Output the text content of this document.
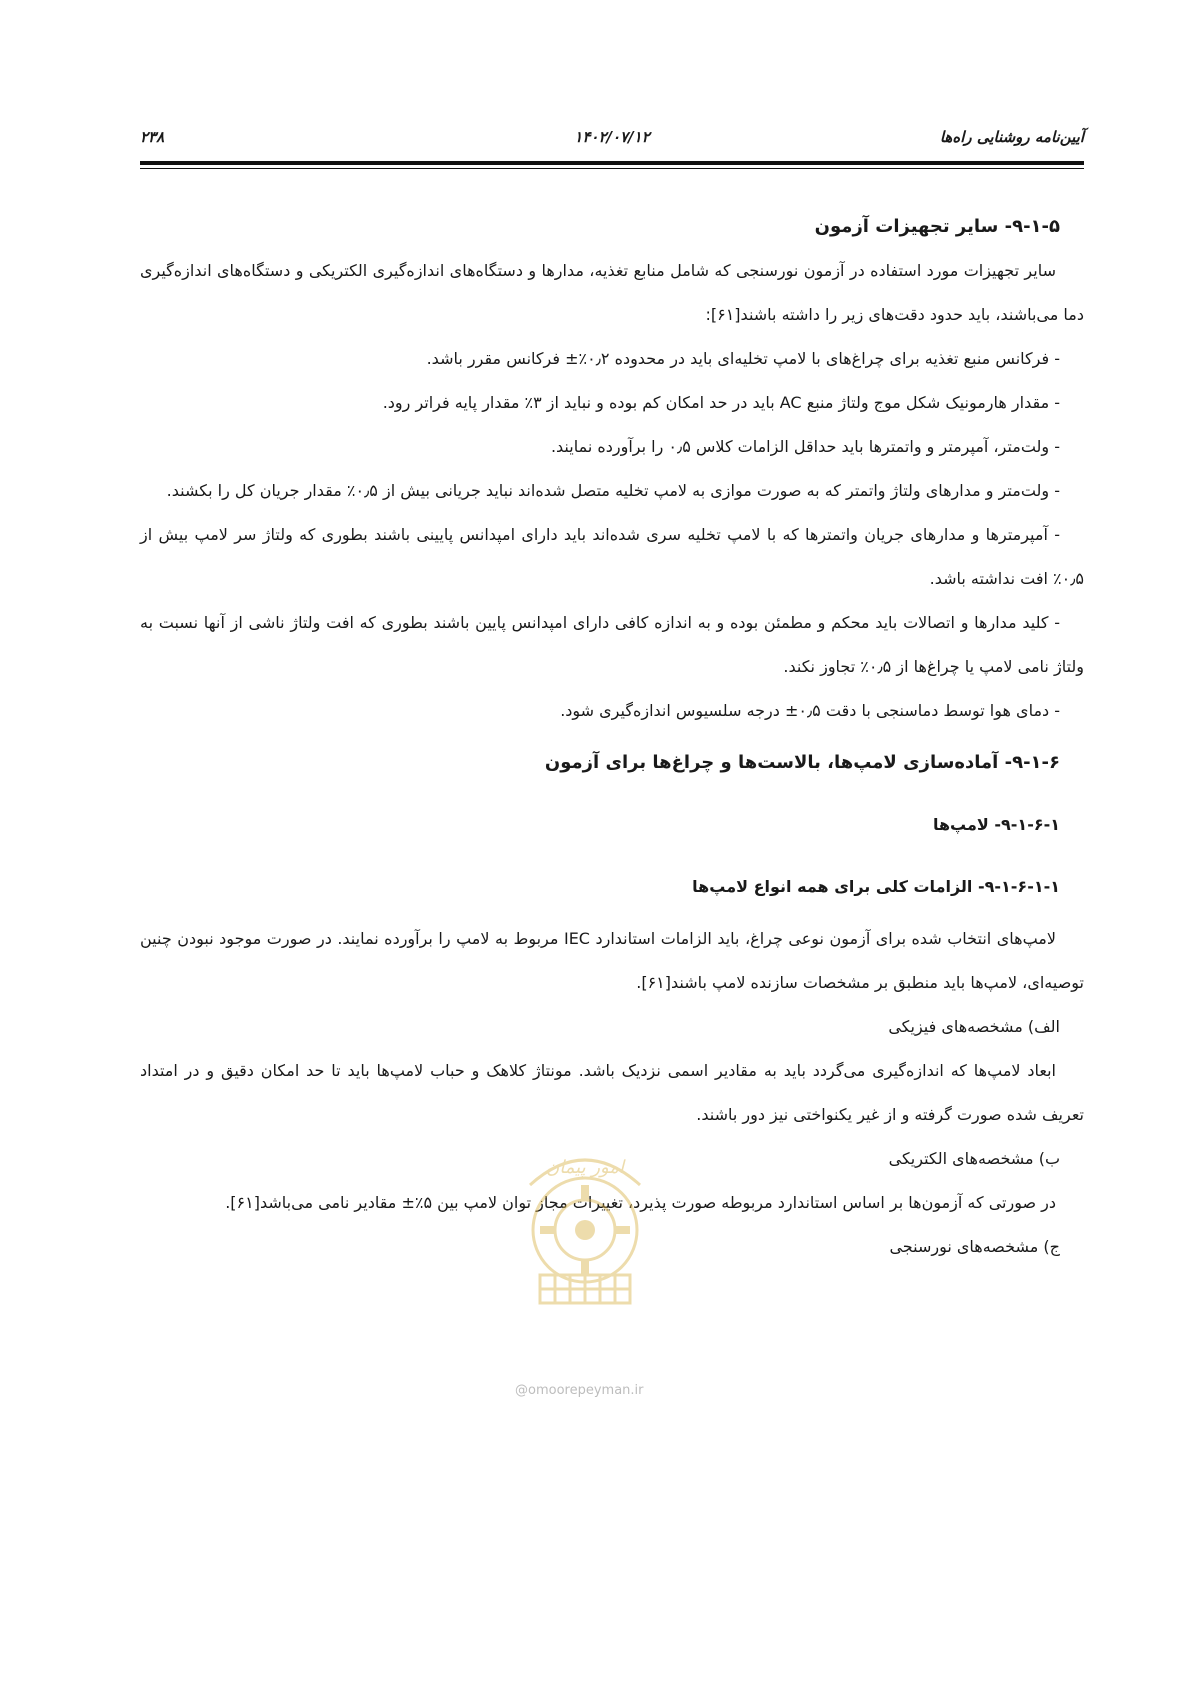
آیین‌نامه روشنایی راه‌ها
۱۴۰۲/۰۷/۱۲
۲۳۸

۹-۱-۵- سایر تجهیزات آزمون

سایر تجهیزات مورد استفاده در آزمون نورسنجی که شامل منابع تغذیه، مدارها و دستگاه‌های اندازه‌گیری الکتریکی و دستگاه‌های اندازه‌گیری دما می‌باشند، باید حدود دقت‌های زیر را داشته باشند[۶۱]:

- فرکانس منبع تغذیه برای چراغ‌های با لامپ تخلیه‌ای باید در محدوده ۰٫۲٪± فرکانس مقرر باشد.

- مقدار هارمونیک شکل موج ولتاژ منبع AC باید در حد امکان کم بوده و نباید از ۳٪ مقدار پایه فراتر رود.

- ولت‌متر، آمپرمتر و واتمترها باید حداقل الزامات کلاس ۰٫۵ را برآورده نمایند.

- ولت‌متر و مدارهای ولتاژ واتمتر که به صورت موازی به لامپ تخلیه متصل شده‌اند نباید جریانی بیش از ۰٫۵٪ مقدار جریان کل را بکشند.

- آمپرمترها و مدارهای جریان واتمترها که با لامپ تخلیه سری شده‌اند باید دارای امپدانس پایینی باشند بطوری که ولتاژ سر لامپ بیش از ۰٫۵٪ افت نداشته باشد.

- کلید مدارها و اتصالات باید محکم و مطمئن بوده و به اندازه کافی دارای امپدانس پایین باشند بطوری که افت ولتاژ ناشی از آنها نسبت به ولتاژ نامی لامپ یا چراغ‌ها از ۰٫۵٪ تجاوز نکند.

- دمای هوا توسط دماسنجی با دقت ۰٫۵± درجه سلسیوس اندازه‌گیری شود.

۹-۱-۶- آماده‌سازی لامپ‌ها، بالاست‌ها و چراغ‌ها برای آزمون

۹-۱-۶-۱- لامپ‌ها

۹-۱-۶-۱-۱- الزامات کلی برای همه انواع لامپ‌ها

لامپ‌های انتخاب شده برای آزمون نوعی چراغ، باید الزامات استاندارد IEC مربوط به لامپ را برآورده نمایند. در صورت موجود نبودن چنین توصیه‌ای، لامپ‌ها باید منطبق بر مشخصات سازنده لامپ باشند[۶۱].

الف) مشخصه‌های فیزیکی

ابعاد لامپ‌ها که اندازه‌گیری می‌گردد باید به مقادیر اسمی نزدیک باشد. مونتاژ کلاهک و حباب لامپ‌ها باید تا حد امکان دقیق و در امتداد تعریف شده صورت گرفته و از غیر یکنواختی نیز دور باشند.

ب) مشخصه‌های الکتریکی

در صورتی که آزمون‌ها بر اساس استاندارد مربوطه صورت پذیرد، تغییرات مجاز توان لامپ بین ۵٪± مقادیر نامی می‌باشد[۶۱].

ج) مشخصه‌های نورسنجی

امور پیمان
@omoorepeyman.ir
